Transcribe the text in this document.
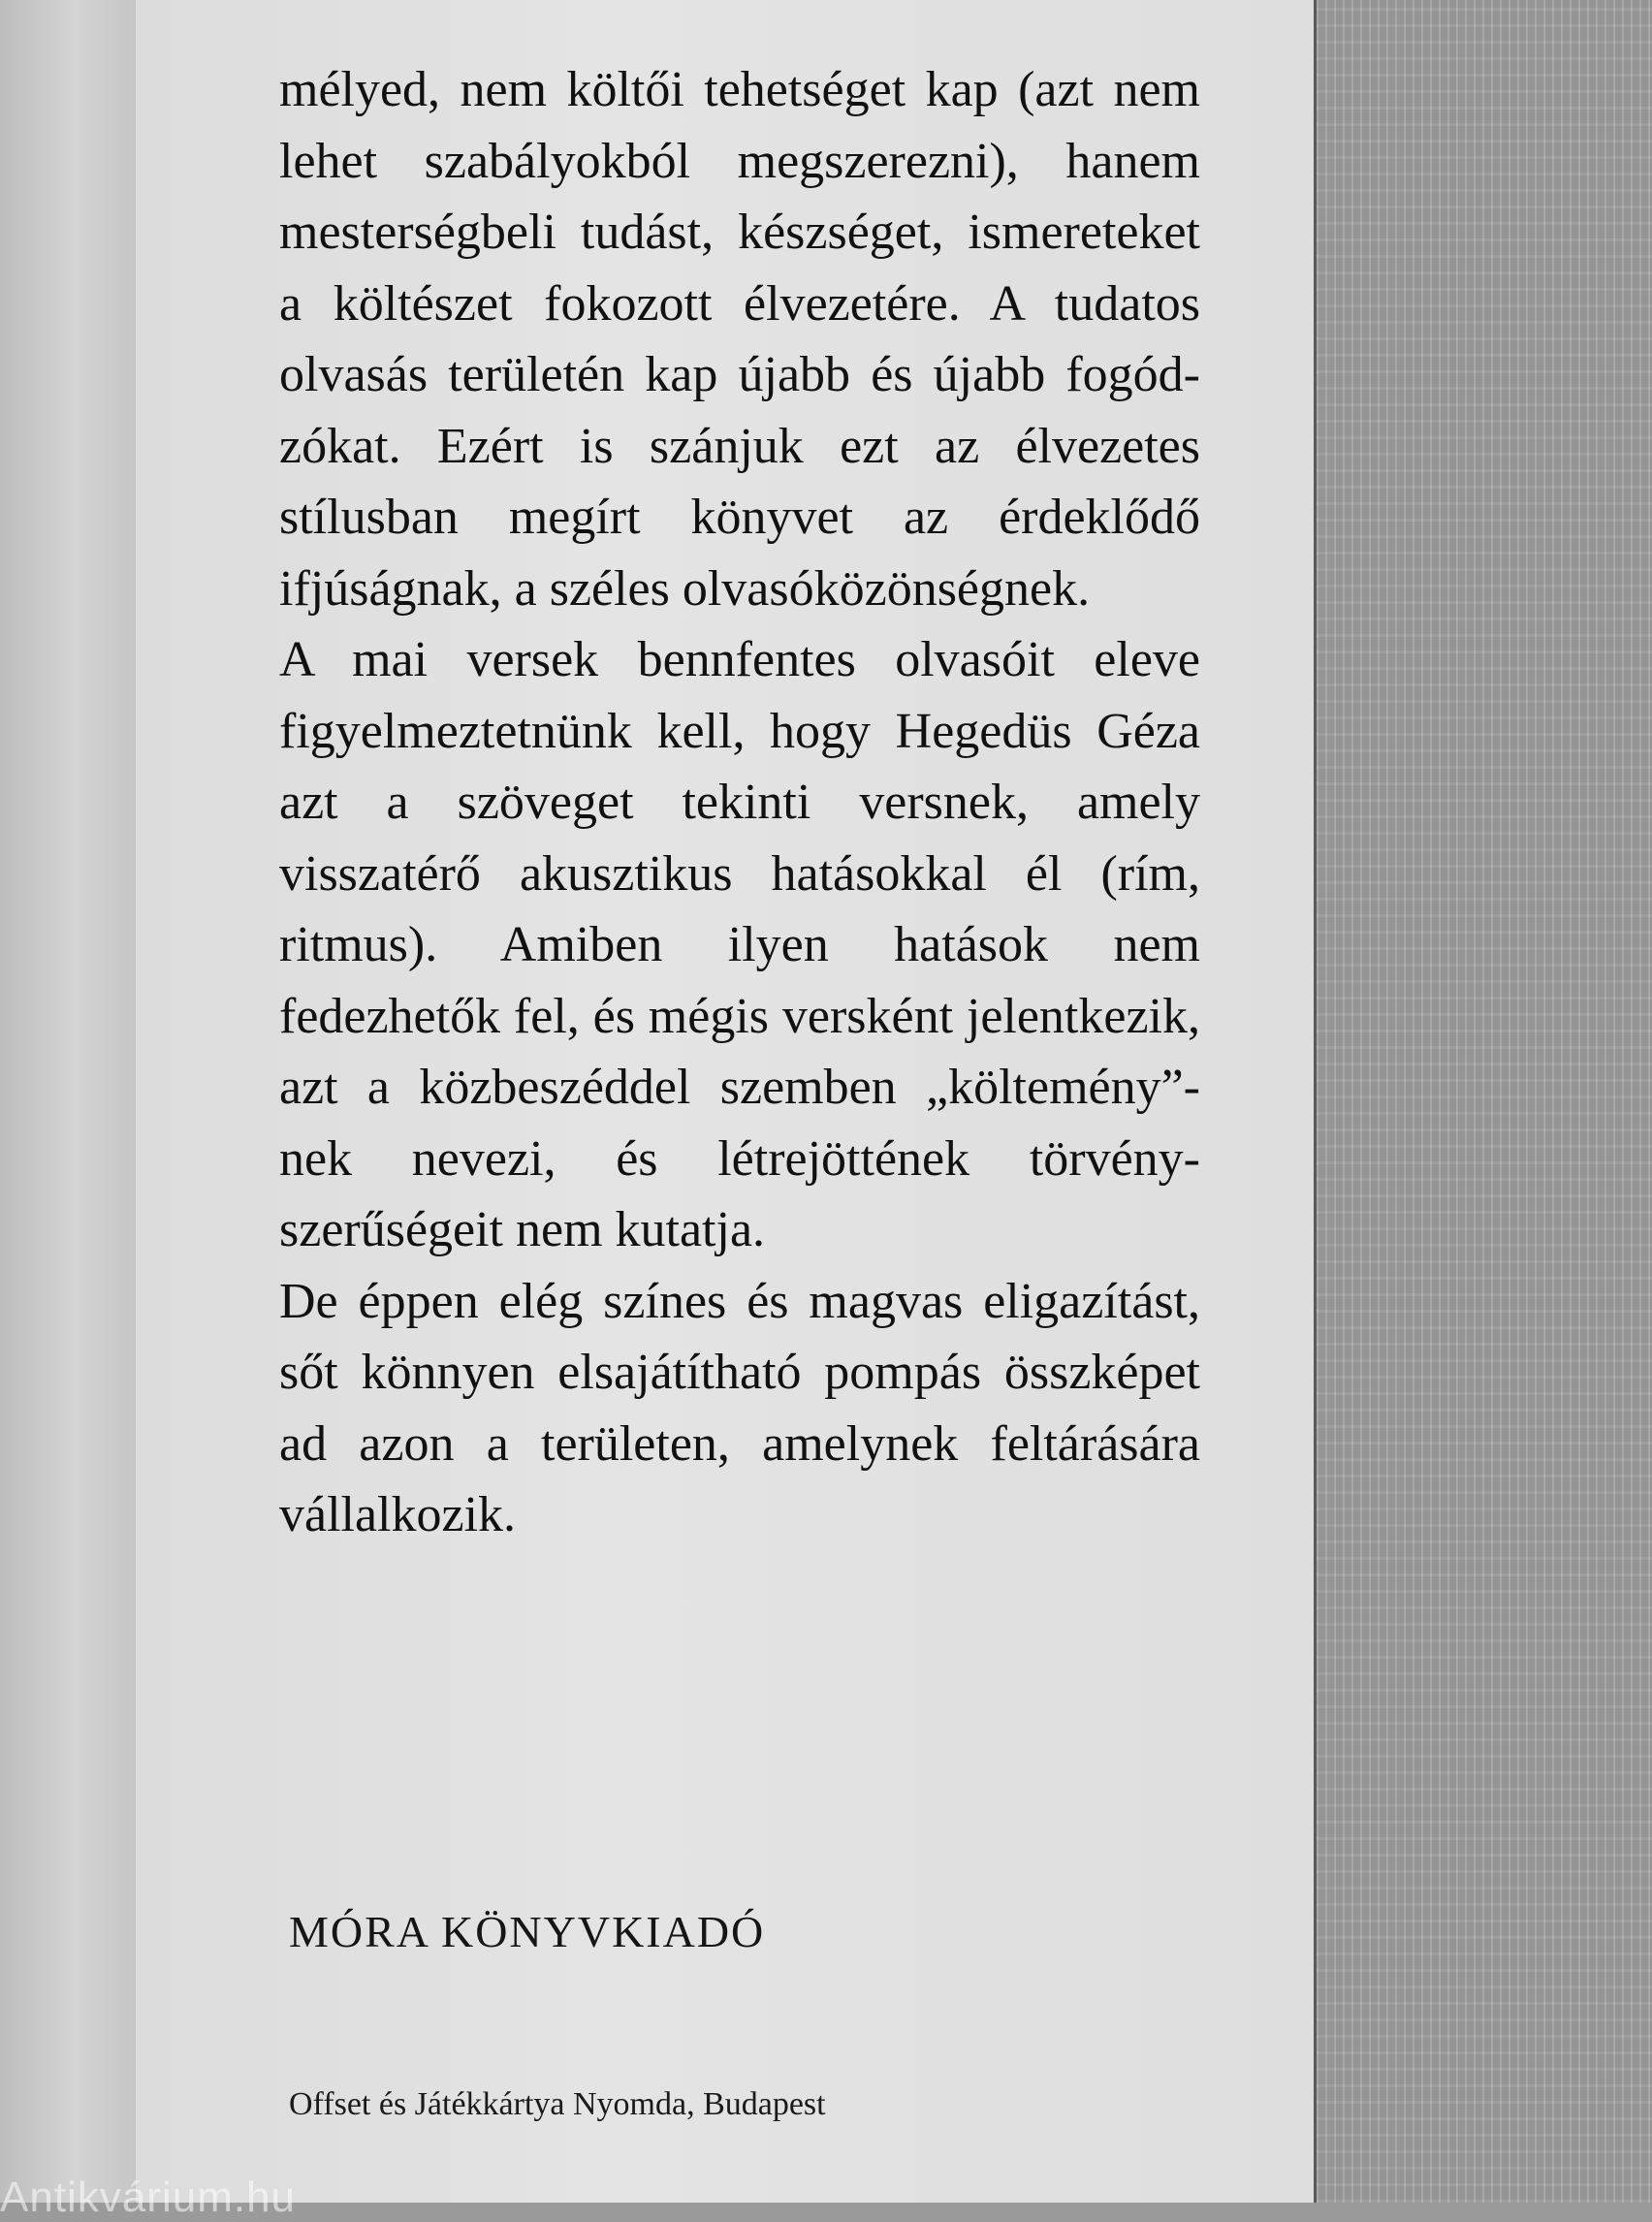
mélyed, nem költői tehetséget kap (azt nem lehet szabályokból megszerezni), hanem mesterségbeli tudást, készséget, ismereteket a költészet fokozott élvezetére. A tudatos olvasás területén kap újabb és újabb fogódzókat. Ezért is szánjuk ezt az élvezetes stílusban megírt könyvet az érdeklődő ifjúságnak, a széles olvasóközönségnek.

A mai versek bennfentes olvasóit eleve figyelmeztetnünk kell, hogy Hegedüs Géza azt a szöveget tekinti versnek, amely visszatérő akusztikus hatásokkal él (rím, ritmus). Amiben ilyen hatások nem fedezhetők fel, és mégis versként jelentkezik, azt a közbeszéddel szemben „költemény”-nek nevezi, és létrejöttének törvényszerűségeit nem kutatja.

De éppen elég színes és magvas eligazítást, sőt könnyen elsajátítható pompás összképet ad azon a területen, amelynek feltárására vállalkozik.

MÓRA KÖNYVKIADÓ

Offset és Játékkártya Nyomda, Budapest

Antikvárium.hu
